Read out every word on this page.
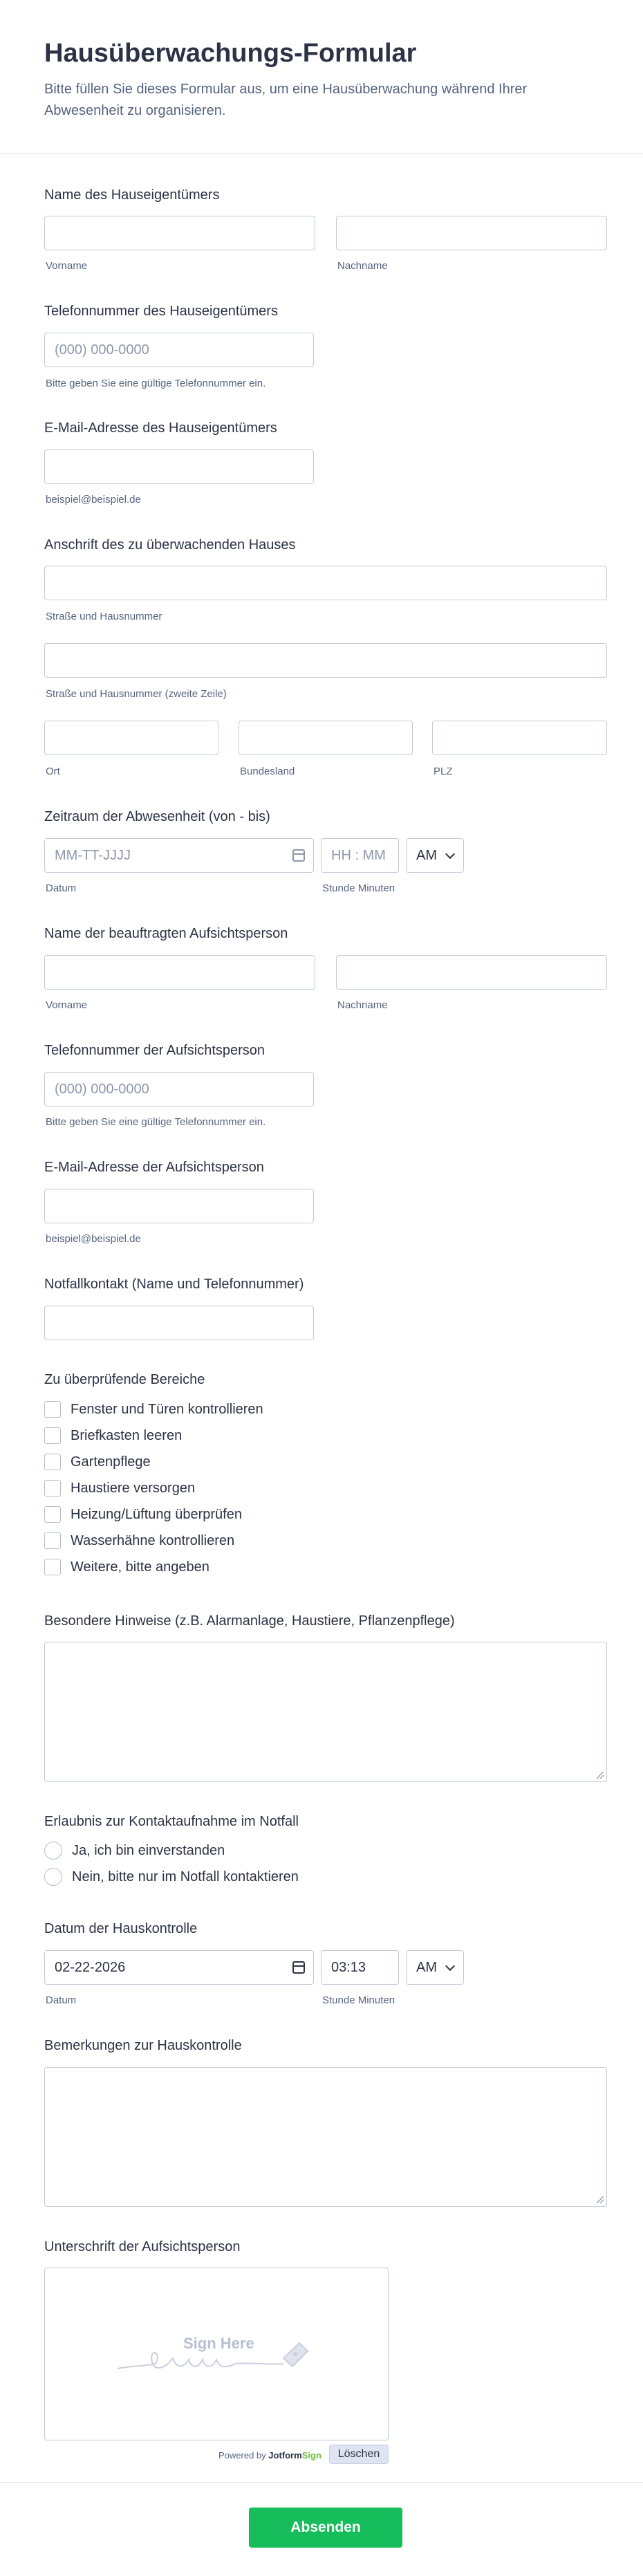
Hausüberwachungs-Formular

Bitte füllen Sie dieses Formular aus, um eine Hausüberwachung während Ihrer Abwesenheit zu organisieren.

Name des Hauseigentümers
Vorname	Nachname
Telefonnummer des Hauseigentümers
(000) 000-0000
Bitte geben Sie eine gültige Telefonnummer ein.
E-Mail-Adresse des Hauseigentümers
beispiel@beispiel.de
Anschrift des zu überwachenden Hauses
Straße und Hausnummer
Straße und Hausnummer (zweite Zeile)
Ort	Bundesland	PLZ
Zeitraum der Abwesenheit (von - bis)
MM-TT-JJJJ	HH : MM	AM
Datum	Stunde Minuten
Name der beauftragten Aufsichtsperson
Vorname	Nachname
Telefonnummer der Aufsichtsperson
(000) 000-0000
Bitte geben Sie eine gültige Telefonnummer ein.
E-Mail-Adresse der Aufsichtsperson
beispiel@beispiel.de
Notfallkontakt (Name und Telefonnummer)
Zu überprüfende Bereiche
Fenster und Türen kontrollieren
Briefkasten leeren
Gartenpflege
Haustiere versorgen
Heizung/Lüftung überprüfen
Wasserhähne kontrollieren
Weitere, bitte angeben
Besondere Hinweise (z.B. Alarmanlage, Haustiere, Pflanzenpflege)
Erlaubnis zur Kontaktaufnahme im Notfall
Ja, ich bin einverstanden
Nein, bitte nur im Notfall kontaktieren
Datum der Hauskontrolle
02-22-2026	03:13	AM
Datum	Stunde Minuten
Bemerkungen zur Hauskontrolle
Unterschrift der Aufsichtsperson
Sign Here
Powered by JotformSign	Löschen
Absenden
